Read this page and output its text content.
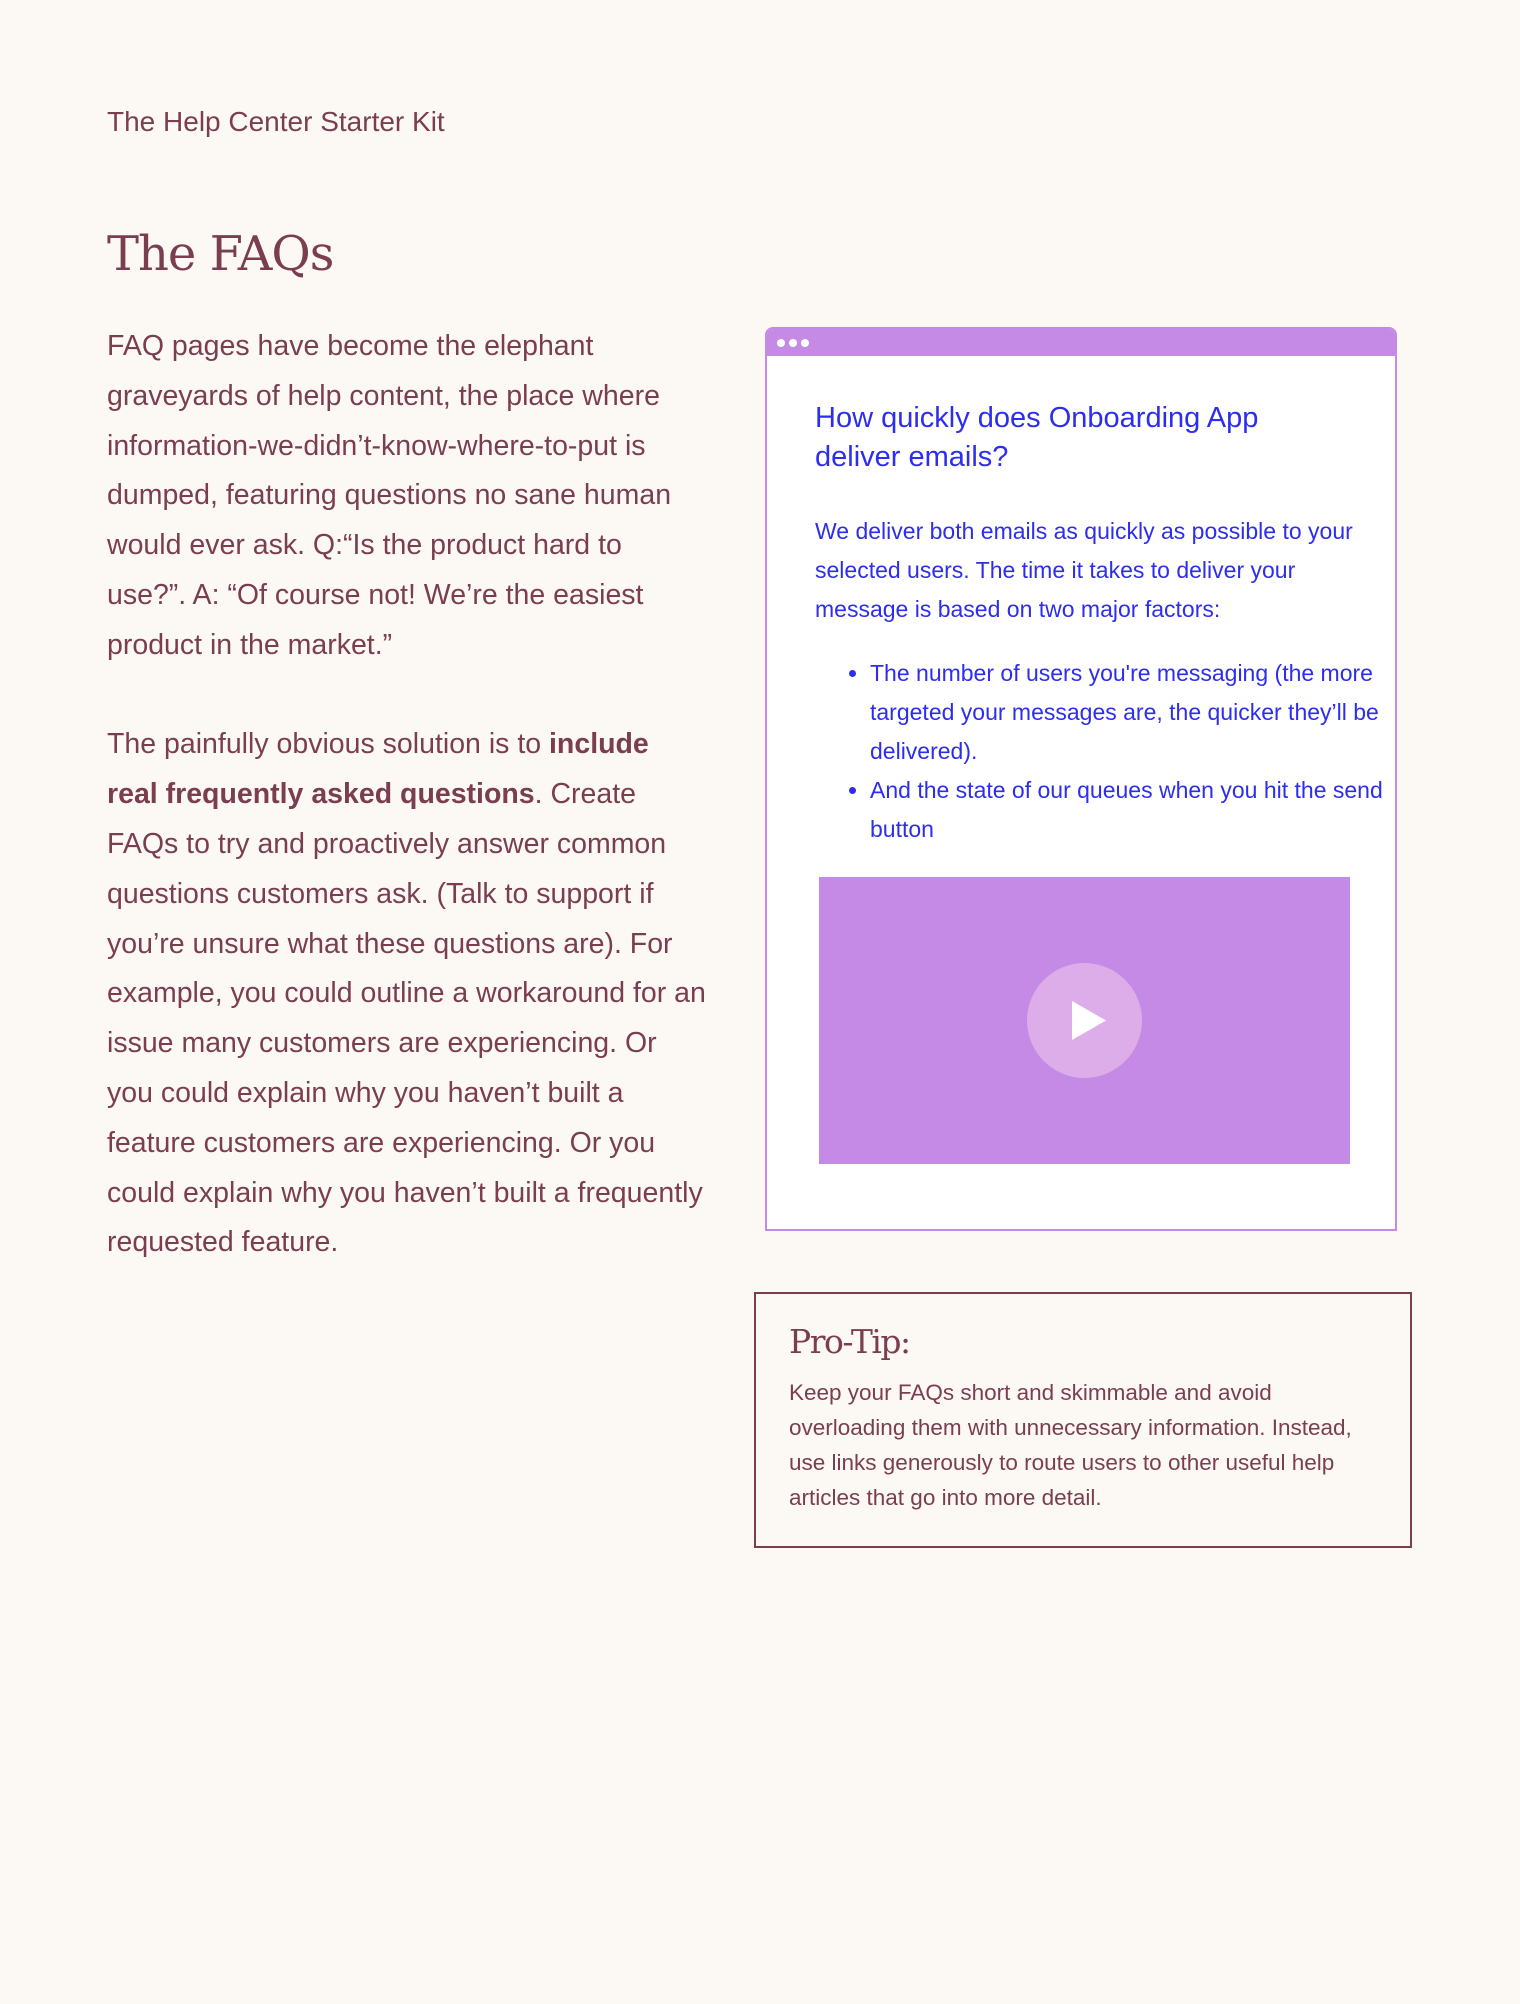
The Help Center Starter Kit
The FAQs

FAQ pages have become the elephant graveyards of help content, the place where information-we-didn’t-know-where-to-put is dumped, featuring questions no sane human would ever ask. Q:“Is the product hard to use?”. A: “Of course not! We’re the easiest product in the market.”

The painfully obvious solution is to include real frequently asked questions. Create FAQs to try and proactively answer common questions customers ask. (Talk to support if you’re unsure what these questions are). For example, you could outline a workaround for an issue many customers are experiencing. Or you could explain why you haven’t built a feature customers are experiencing. Or you could explain why you haven’t built a frequently requested feature.

How quickly does Onboarding App deliver emails?

We deliver both emails as quickly as possible to your selected users. The time it takes to deliver your message is based on two major factors:

• The number of users you're messaging (the more targeted your messages are, the quicker they’ll be delivered).
• And the state of our queues when you hit the send button
Pro-Tip:

Keep your FAQs short and skimmable and avoid overloading them with unnecessary information. Instead, use links generously to route users to other useful help articles that go into more detail.
